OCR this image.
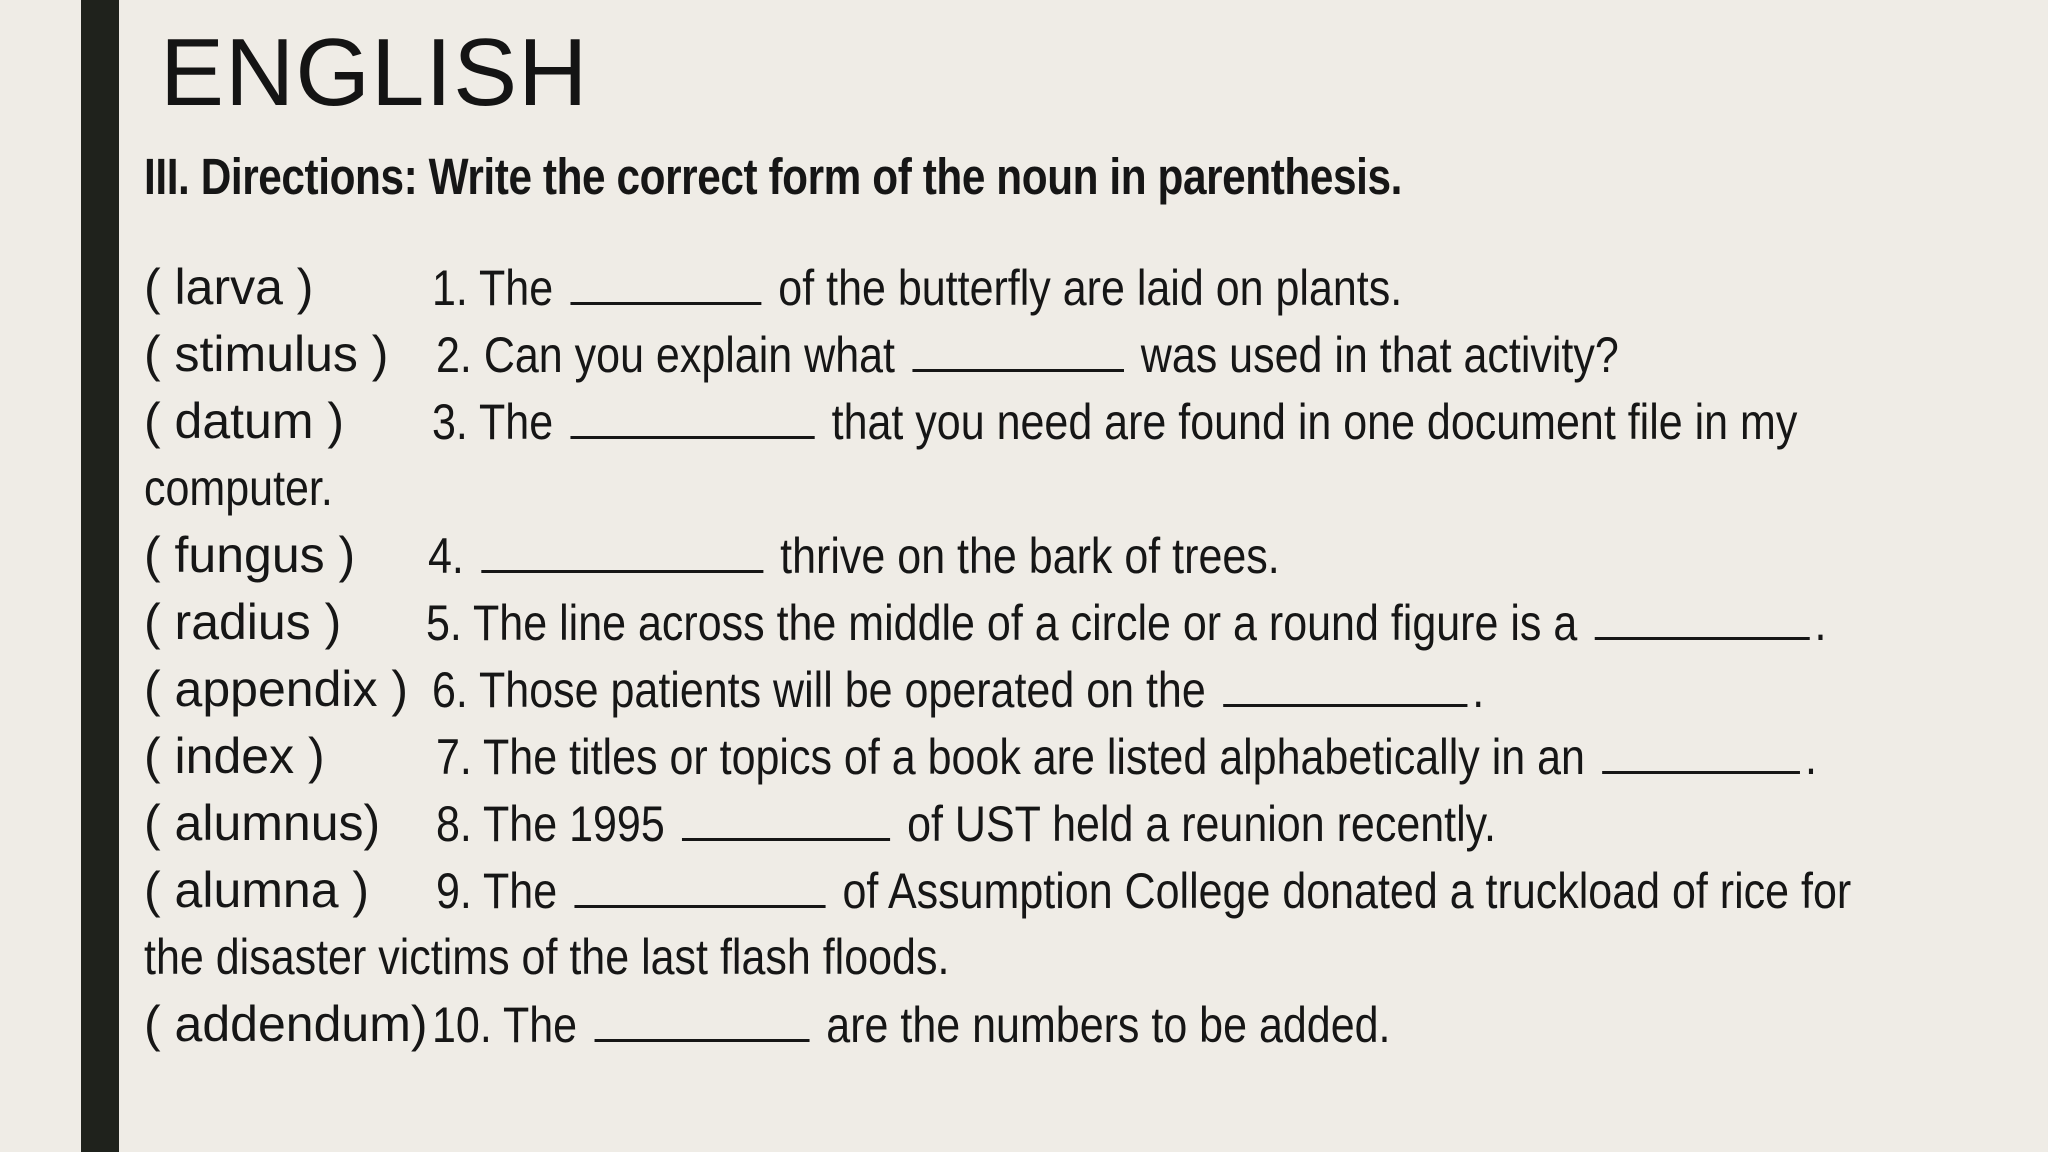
ENGLISH
III. Directions: Write the correct form of the noun in parenthesis.
( larva ) 1. The	of the butterfly are laid on plants.
( stimulus ) 2. Can you explain what	was used in that activity?
( datum ) 3. The	that you need are found in one document file in my
computer.
( fungus ) 4.	thrive on the bark of trees.
( radius ) 5. The line across the middle of a circle or a round figure is a	.
( appendix ) 6. Those patients will be operated on the	.
( index ) 7. The titles or topics of a book are listed alphabetically in an	.
( alumnus) 8. The 1995	of UST held a reunion recently.
( alumna ) 9. The	of Assumption College donated a truckload of rice for
the disaster victims of the last flash floods.
( addendum) 10. The	are the numbers to be added.
